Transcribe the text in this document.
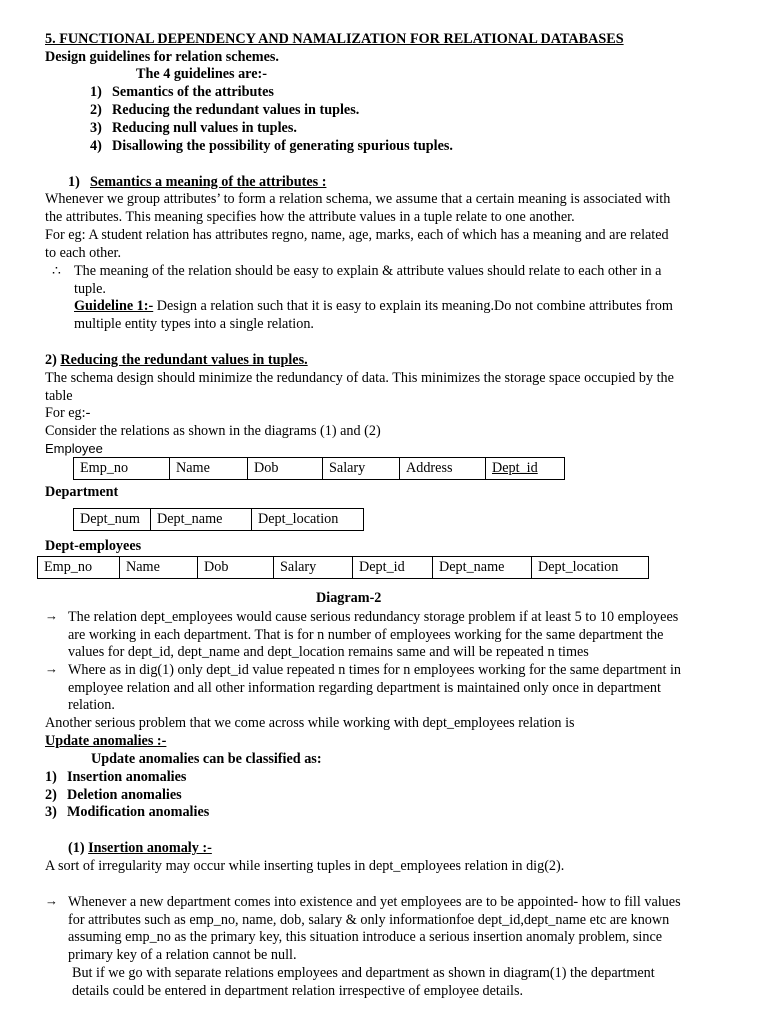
5. FUNCTIONAL DEPENDENCY AND NAMALIZATION FOR RELATIONAL DATABASES
Design guidelines for relation schemes.
The 4 guidelines are:-
1) Semantics of the attributes
2) Reducing the redundant values in tuples.
3) Reducing null values in tuples.
4) Disallowing the possibility of generating spurious tuples.
1) Semantics a meaning of the attributes :
Whenever we group attributes’ to form a relation schema, we assume that a certain meaning is associated with
the attributes. This meaning specifies how the attribute values in a tuple relate to one another.
For eg: A student relation has attributes regno, name, age, marks, each of which has a meaning and are related
to each other.
∴ The meaning of the relation should be easy to explain & attribute values should relate to each other in a
tuple.
Guideline 1:- Design a relation such that it is easy to explain its meaning.Do not combine attributes from
multiple entity types into a single relation.
2) Reducing the redundant values in tuples.
The schema design should minimize the redundancy of data. This minimizes the storage space occupied by the
table
For eg:-
Consider the relations as shown in the diagrams (1) and (2)
Employee
Emp_no	Name	Dob	Salary	Address	Dept_id
Department
Dept_num	Dept_name	Dept_location
Dept-employees
Emp_no	Name	Dob	Salary	Dept_id	Dept_name	Dept_location
Diagram-2
→ The relation dept_employees would cause serious redundancy storage problem if at least 5 to 10 employees
are working in each department. That is for n number of employees working for the same department the
values for dept_id, dept_name and dept_location remains same and will be repeated n times
→ Where as in dig(1) only dept_id value repeated n times for n employees working for the same department in
employee relation and all other information regarding department is maintained only once in department
relation.
Another serious problem that we come across while working with dept_employees relation is
Update anomalies :-
Update anomalies can be classified as:
1) Insertion anomalies
2) Deletion anomalies
3) Modification anomalies
(1) Insertion anomaly :-
A sort of irregularity may occur while inserting tuples in dept_employees relation in dig(2).
→ Whenever a new department comes into existence and yet employees are to be appointed- how to fill values
for attributes such as emp_no, name, dob, salary & only informationfoe dept_id,dept_name etc are known
assuming emp_no as the primary key, this situation introduce a serious insertion anomaly problem, since
primary key of a relation cannot be null.
But if we go with separate relations employees and department as shown in diagram(1) the department
details could be entered in department relation irrespective of employee details.
